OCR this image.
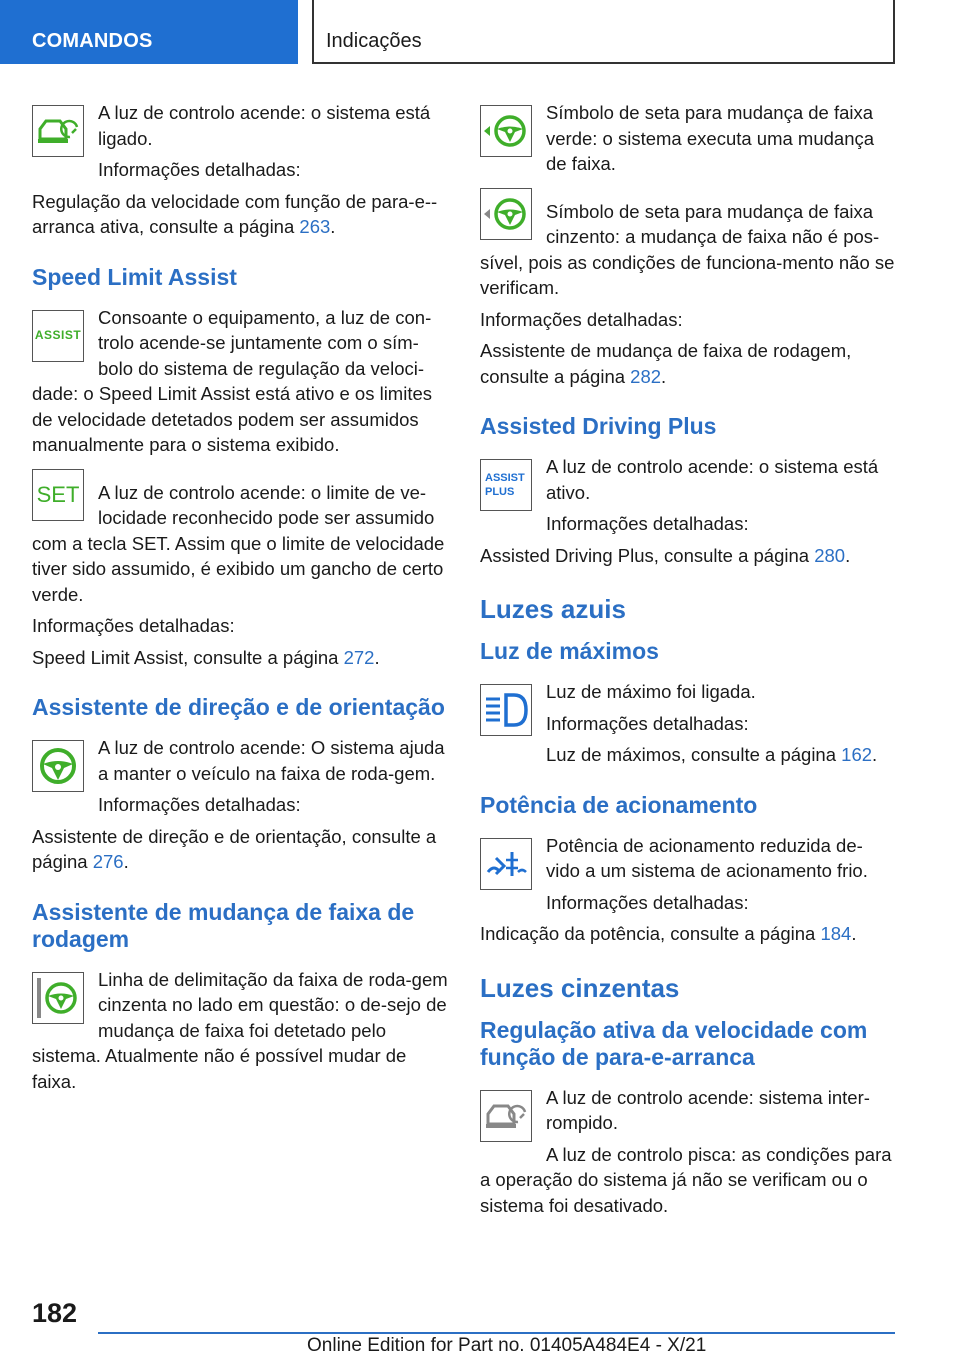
COMANDOS	Indicações

A luz de controlo acende: o sistema está ligado.

Informações detalhadas:

Regulação da velocidade com função de para-e--arranca ativa, consulte a página 263.

Speed Limit Assist
ASSIST

Consoante o equipamento, a luz de con-trolo acende-se juntamente com o sím-bolo do sistema de regulação da veloci-dade: o Speed Limit Assist está ativo e os limites de velocidade detetados podem ser assumidos manualmente para o sistema exibido.

SET	A luz de controlo acende: o limite de ve-locidade reconhecido pode ser assumido com a tecla SET. Assim que o limite de velocidade tiver sido assumido, é exibido um gancho de certo verde.

Informações detalhadas:

Speed Limit Assist, consulte a página 272.

Assistente de direção e de orientação

A luz de controlo acende: O sistema ajuda a manter o veículo na faixa de roda-gem.

Informações detalhadas:

Assistente de direção e de orientação, consulte a página 276.

Assistente de mudança de faixa de rodagem

Linha de delimitação da faixa de roda-gem cinzenta no lado em questão: o de-sejo de mudança de faixa foi detetado pelo sistema. Atualmente não é possível mudar de faixa.

Símbolo de seta para mudança de faixa verde: o sistema executa uma mudança de faixa.

Símbolo de seta para mudança de faixa cinzento: a mudança de faixa não é pos-sível, pois as condições de funciona-mento não se verificam.

Informações detalhadas:

Assistente de mudança de faixa de rodagem, consulte a página 282.

Assisted Driving Plus
ASSIST
PLUS

A luz de controlo acende: o sistema está ativo.

Informações detalhadas:

Assisted Driving Plus, consulte a página 280.

Luzes azuis
Luz de máximos

Luz de máximo foi ligada.

Informações detalhadas:

Luz de máximos, consulte a página 162.

Potência de acionamento

Potência de acionamento reduzida de-vido a um sistema de acionamento frio.

Informações detalhadas:

Indicação da potência, consulte a página 184.

Luzes cinzentas
Regulação ativa da velocidade com função de para-e-arranca

A luz de controlo acende: sistema inter-rompido.

A luz de controlo pisca: as condições para a operação do sistema já não se verificam ou o sistema foi desativado.

182
Online Edition for Part no. 01405A484E4 - X/21
